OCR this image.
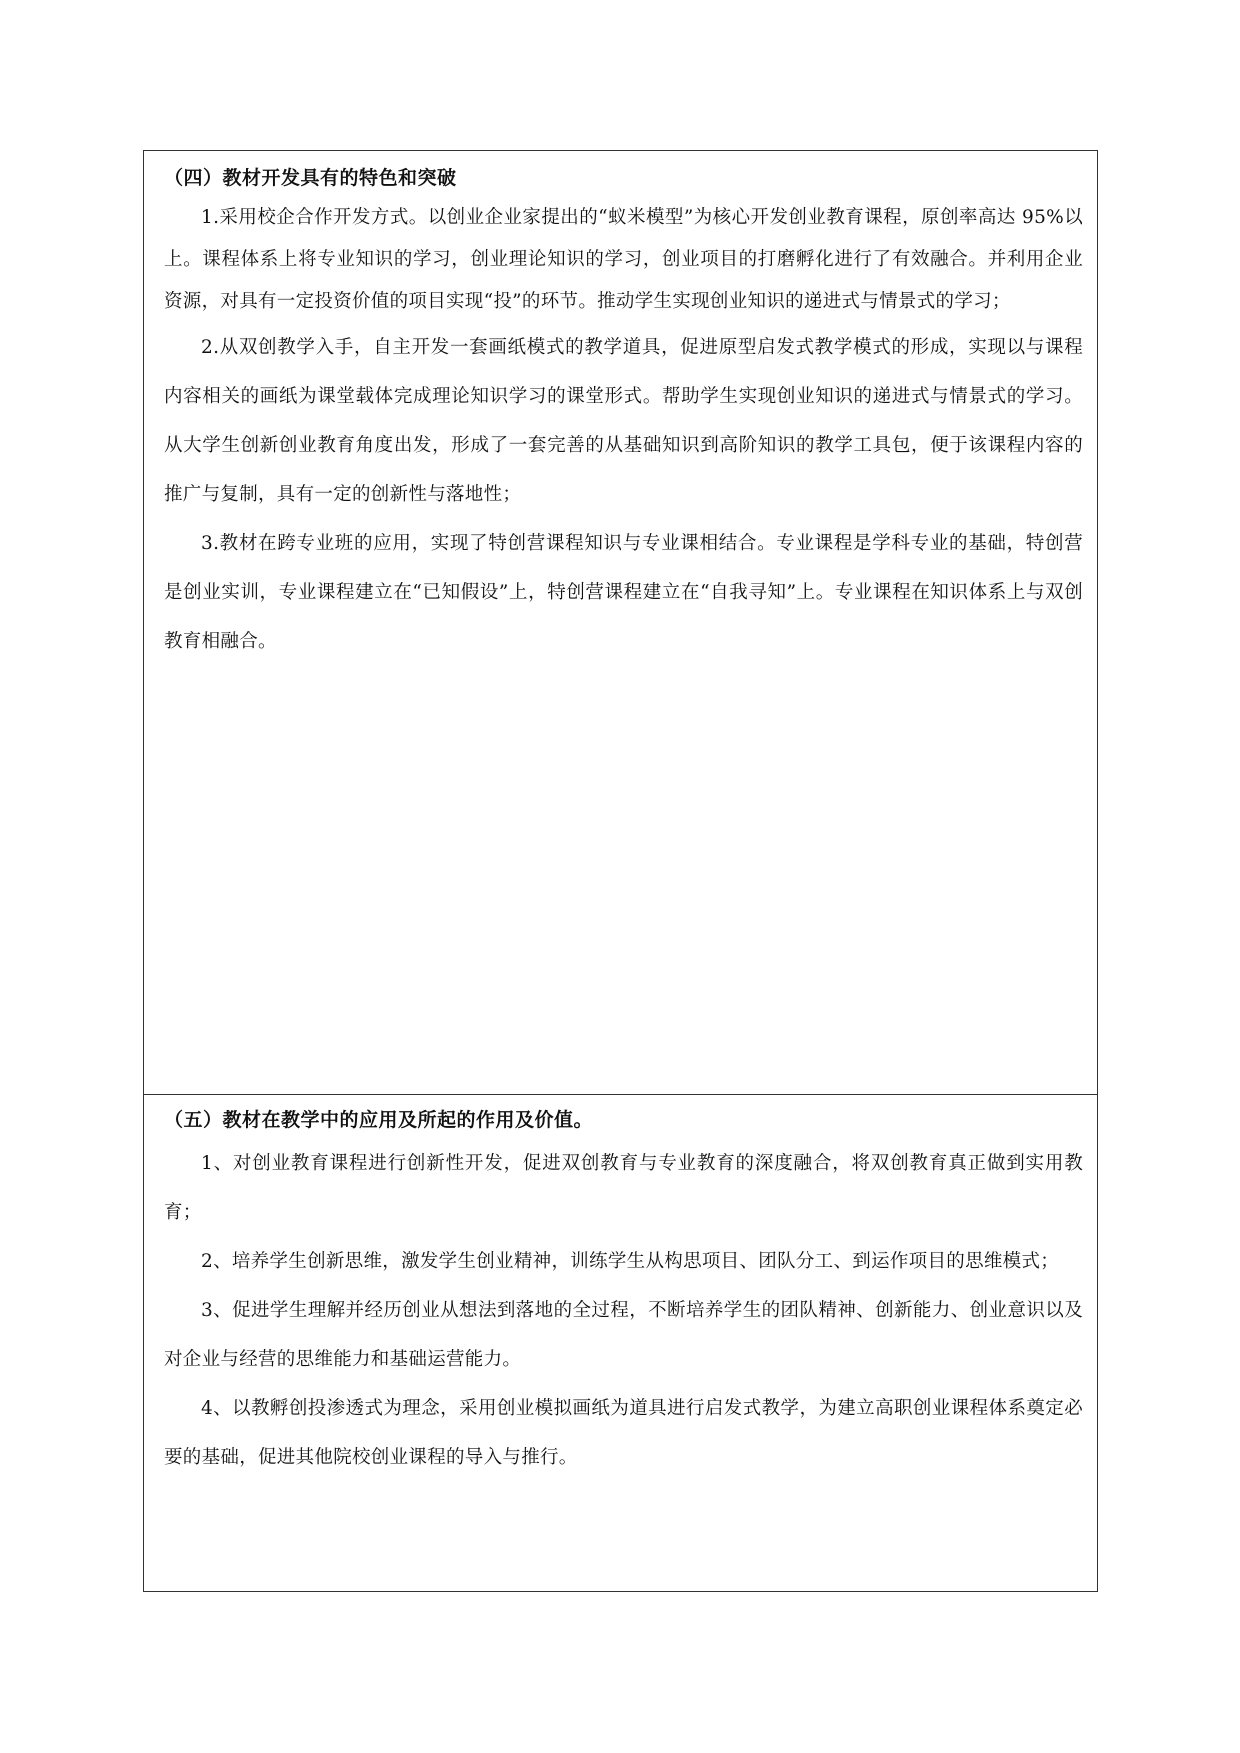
（四）教材开发具有的特色和突破

1.采用校企合作开发方式。以创业企业家提出的“蚁米模型”为核心开发创业教育课程，原创率高达 95%以上。课程体系上将专业知识的学习，创业理论知识的学习，创业项目的打磨孵化进行了有效融合。并利用企业资源，对具有一定投资价值的项目实现“投”的环节。推动学生实现创业知识的递进式与情景式的学习；

2.从双创教学入手，自主开发一套画纸模式的教学道具，促进原型启发式教学模式的形成，实现以与课程内容相关的画纸为课堂载体完成理论知识学习的课堂形式。帮助学生实现创业知识的递进式与情景式的学习。从大学生创新创业教育角度出发，形成了一套完善的从基础知识到高阶知识的教学工具包，便于该课程内容的推广与复制，具有一定的创新性与落地性；

3.教材在跨专业班的应用，实现了特创营课程知识与专业课相结合。专业课程是学科专业的基础，特创营是创业实训，专业课程建立在“已知假设”上，特创营课程建立在“自我寻知”上。专业课程在知识体系上与双创教育相融合。

（五）教材在教学中的应用及所起的作用及价值。

1、对创业教育课程进行创新性开发，促进双创教育与专业教育的深度融合，将双创教育真正做到实用教育；

2、培养学生创新思维，激发学生创业精神，训练学生从构思项目、团队分工、到运作项目的思维模式；

3、促进学生理解并经历创业从想法到落地的全过程，不断培养学生的团队精神、创新能力、创业意识以及对企业与经营的思维能力和基础运营能力。

4、以教孵创投渗透式为理念，采用创业模拟画纸为道具进行启发式教学，为建立高职创业课程体系奠定必要的基础，促进其他院校创业课程的导入与推行。
